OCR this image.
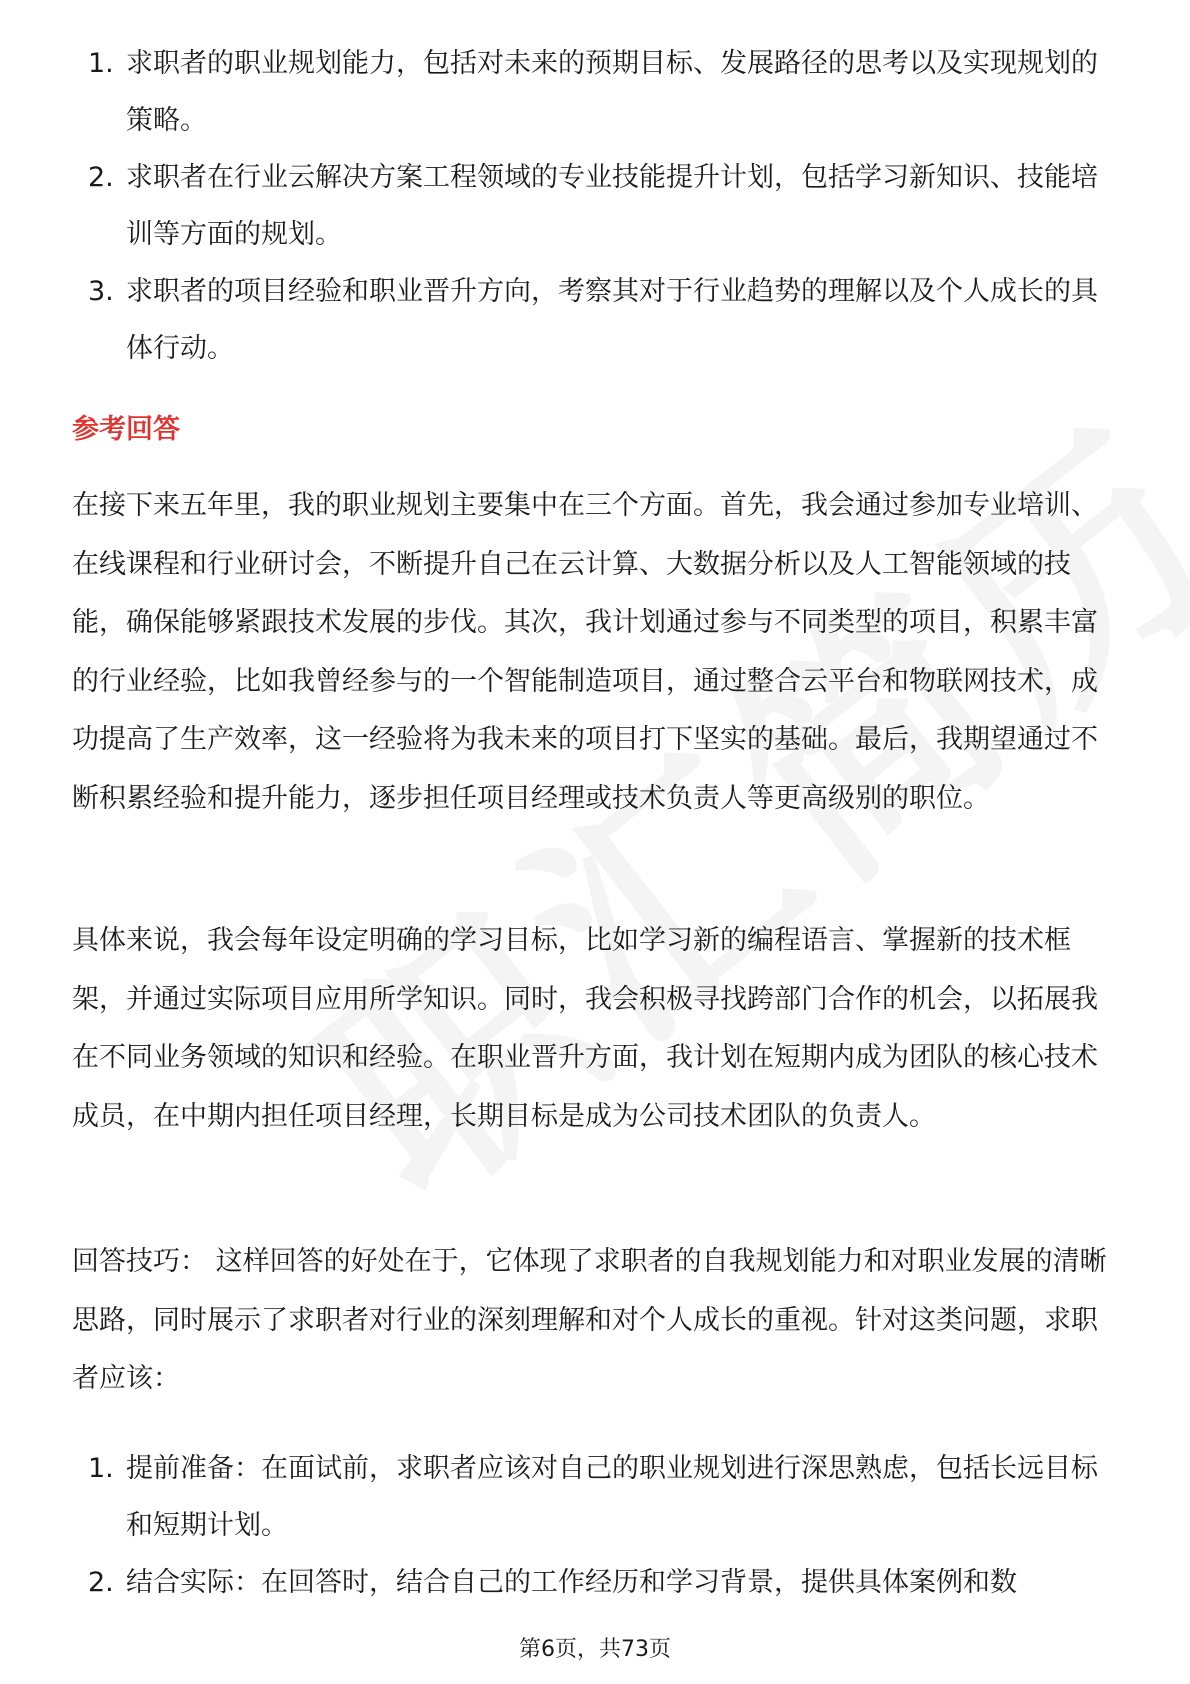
1. 求职者的职业规划能力，包括对未来的预期目标、发展路径的思考以及实现规划的策略。
2. 求职者在行业云解决方案工程领域的专业技能提升计划，包括学习新知识、技能培训等方面的规划。
3. 求职者的项目经验和职业晋升方向，考察其对于行业趋势的理解以及个人成长的具体行动。
参考回答

在接下来五年里，我的职业规划主要集中在三个方面。首先，我会通过参加专业培训、在线课程和行业研讨会，不断提升自己在云计算、大数据分析以及人工智能领域的技能，确保能够紧跟技术发展的步伐。其次，我计划通过参与不同类型的项目，积累丰富的行业经验，比如我曾经参与的一个智能制造项目，通过整合云平台和物联网技术，成功提高了生产效率，这一经验将为我未来的项目打下坚实的基础。最后，我期望通过不断积累经验和提升能力，逐步担任项目经理或技术负责人等更高级别的职位。

具体来说，我会每年设定明确的学习目标，比如学习新的编程语言、掌握新的技术框架，并通过实际项目应用所学知识。同时，我会积极寻找跨部门合作的机会，以拓展我在不同业务领域的知识和经验。在职业晋升方面，我计划在短期内成为团队的核心技术成员，在中期内担任项目经理，长期目标是成为公司技术团队的负责人。

回答技巧： 这样回答的好处在于，它体现了求职者的自我规划能力和对职业发展的清晰思路，同时展示了求职者对行业的深刻理解和对个人成长的重视。针对这类问题，求职者应该：

1. 提前准备：在面试前，求职者应该对自己的职业规划进行深思熟虑，包括长远目标和短期计划。
2. 结合实际：在回答时，结合自己的工作经历和学习背景，提供具体案例和数
第6页，共73页
